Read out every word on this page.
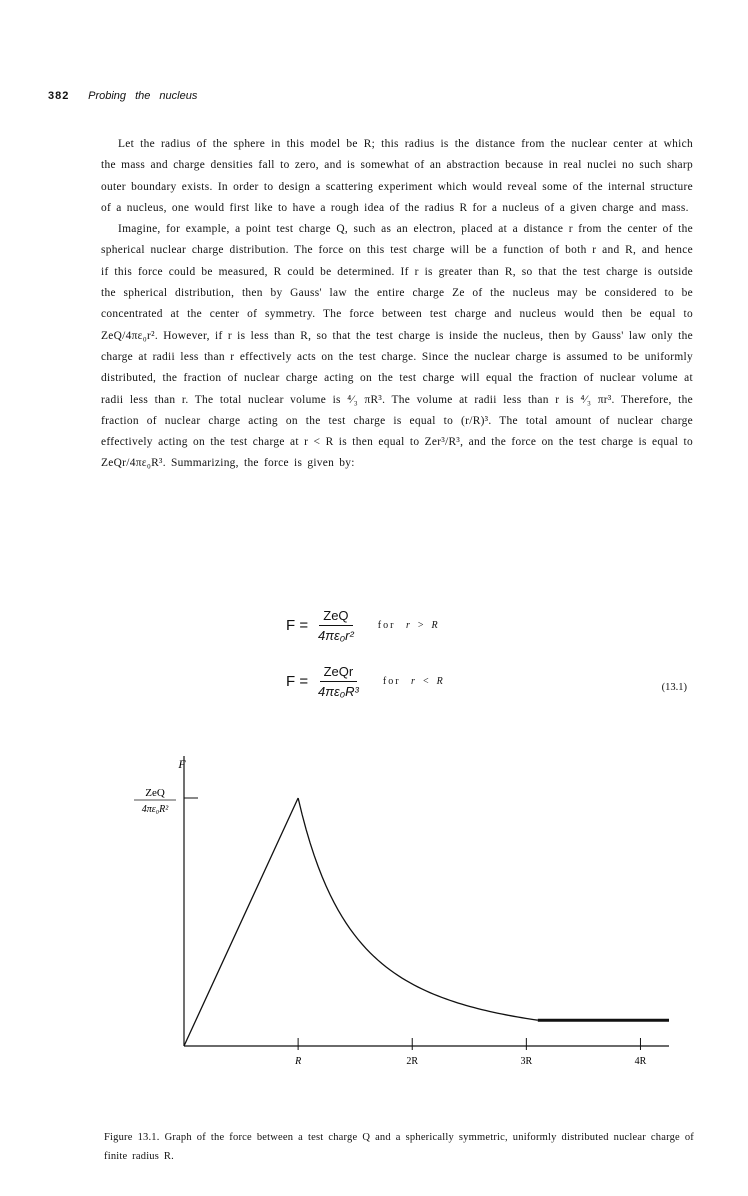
382 Probing the nucleus

Let the radius of the sphere in this model be R; this radius is the distance from the nuclear center at which the mass and charge densities fall to zero, and is somewhat of an abstraction because in real nuclei no such sharp outer boundary exists. In order to design a scattering experiment which would reveal some of the internal structure of a nucleus, one would first like to have a rough idea of the radius R for a nucleus of a given charge and mass.

Imagine, for example, a point test charge Q, such as an electron, placed at a distance r from the center of the spherical nuclear charge distribution. The force on this test charge will be a function of both r and R, and hence if this force could be measured, R could be determined. If r is greater than R, so that the test charge is outside the spherical distribution, then by Gauss' law the entire charge Ze of the nucleus may be considered to be concentrated at the center of symmetry. The force between test charge and nucleus would then be equal to ZeQ/4πε₀r². However, if r is less than R, so that the test charge is inside the nucleus, then by Gauss' law only the charge at radii less than r effectively acts on the test charge. Since the nuclear charge is assumed to be uniformly distributed, the fraction of nuclear charge acting on the test charge will equal the fraction of nuclear volume at radii less than r. The total nuclear volume is ⁴⁄₃ πR³. The volume at radii less than r is ⁴⁄₃ πr³. Therefore, the fraction of nuclear charge acting on the test charge is equal to (r/R)³. The total amount of nuclear charge effectively acting on the test charge at r < R is then equal to Zer³/R³, and the force on the test charge is equal to ZeQr/4πε₀R³. Summarizing, the force is given by:

$F = \frac{\text{ZeQ}}{\text{4πε₀r²}}$ for r > R
$F = \frac{\text{ZeQr}}{\text{4πε₀R³}}$ for r < R
(13.1)
F
ZeQ
4πε₀R²
R	2R	3R	4R
Figure 13.1. Graph of the force between a test charge Q and a spherically symmetric, uniformly distributed nuclear charge of finite radius R.
